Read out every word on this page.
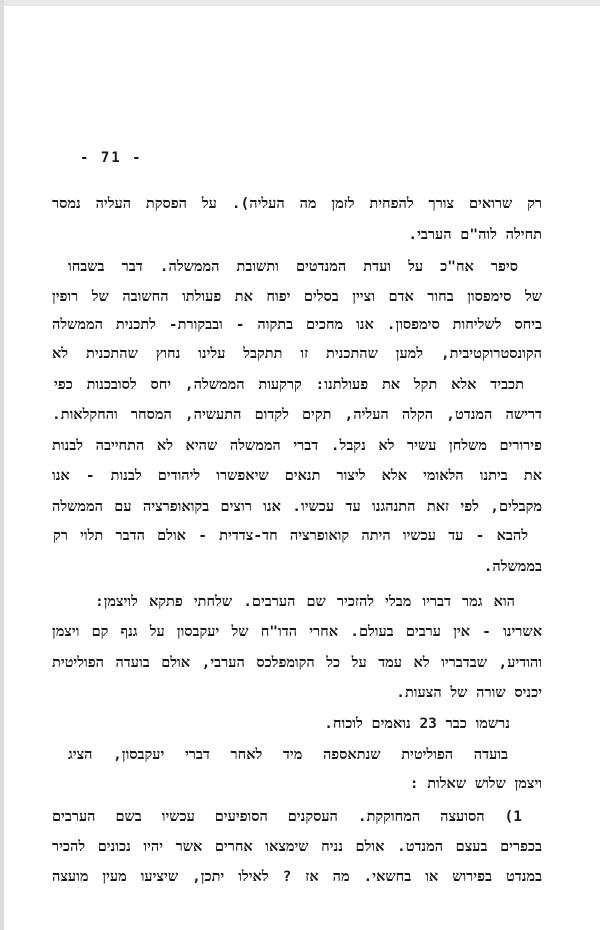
- 71 -
רק שרואים צורך להפחית לזמן מה העליה). על הפסקת העליה נמסר
תחילה לוה"ם הערבי.
סיפר אח"כ על ועדת המנדטים ותשובת הממשלה. דבר בשבחו
של סימפסון בחור אדם וציין בסלים יפוח את פעולתו החשובה של רופין
ביחס לשליחות סימפסון. אנו מחכים בתקוה - ובבקורת- לתכנית הממשלה
הקונסטרוקטיבית, למען שהתכנית זו תתקבל עלינו נחוץ שהתכנית לא
תכביד אלא תקל את פעולתנו: קרקעות הממשלה, יחס לסובכנות כפי
דרישה המנדט, הקלה העליה, תקים לקדום התעשיה, המסחר והחקלאות.
פירורים משלחן עשיר לא נקבל. דברי הממשלה שהיא לא התחייבה לבנות
את ביתנו הלאומי אלא ליצור תנאים שיאפשרו ליהודים לבנות - אנו
מקבלים, לפי זאת התנהגנו עד עכשיו. אנו רוצים בקואופרציה עם הממשלה
להבא - עד עכשיו היתה קואופרציה חד-צדדית - אולם הדבר תלוי רק
בממשלה.
הוא גמר דבריו מבלי להזכיר שם הערבים. שלחתי פתקא לויצמן:
אשרינו - אין ערבים בעולם. אחרי הדו"ח של יעקבסון על גנף קם ויצמן
והודיע, שבדבריו לא עמד על כל הקומפלכס הערבי, אולם בועדה הפוליטית
יכניס שורה של הצעות.
נרשמו כבר 23 נואמים לוכוח.
בועדה הפוליטית שנתאספה מיד לאחר דברי יעקבסון, הציג
ויצמן שלוש שאלות :
1) הסועצה המחוקקת. העסקנים הסופיעים עכשיו בשם הערבים
בכפרים בעצם המנדט. אולם נניח שימצאו אחרים אשר יהיו נכונים להכיר
במנדט בפירוש או בחשאי. מה אז ? לאילו יתכן, שיציעו מעין מועצה
